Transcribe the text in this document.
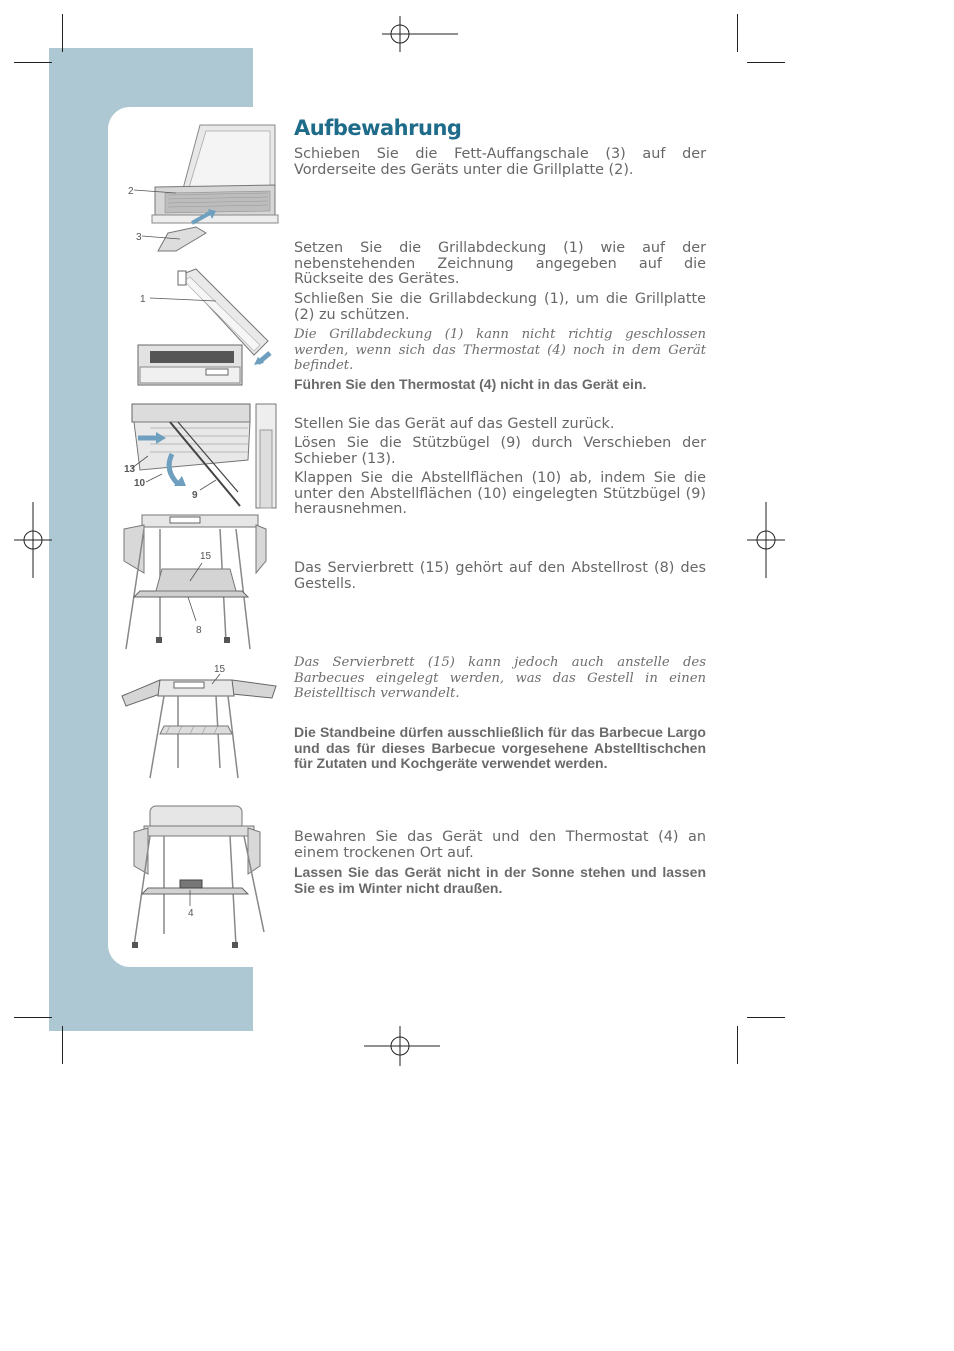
Aufbewahrung

Schieben Sie die Fett-Auffangschale (3) auf der Vorderseite des Geräts unter die Grillplatte (2).

Setzen Sie die Grillabdeckung (1) wie auf der nebenstehenden Zeichnung angegeben auf die Rückseite des Gerätes.

Schließen Sie die Grillabdeckung (1), um die Grillplatte (2) zu schützen.

Die Grillabdeckung (1) kann nicht richtig geschlossen werden, wenn sich das Thermostat (4) noch in dem Gerät befindet.

Führen Sie den Thermostat (4) nicht in das Gerät ein.

Stellen Sie das Gerät auf das Gestell zurück.

Lösen Sie die Stützbügel (9) durch Verschieben der Schieber (13).

Klappen Sie die Abstellflächen (10) ab, indem Sie die unter den Abstellflächen (10) eingelegten Stützbügel (9) herausnehmen.

Das Servierbrett (15) gehört auf den Abstellrost (8) des Gestells.

Das Servierbrett (15) kann jedoch auch anstelle des Barbecues eingelegt werden, was das Gestell in einen Beistelltisch verwandelt.

Die Standbeine dürfen ausschließlich für das Barbecue Largo und das für dieses Barbecue vorgesehene Abstelltischchen für Zutaten und Kochgeräte verwendet werden.

Bewahren Sie das Gerät und den Thermostat (4) an einem trockenen Ort auf.

Lassen Sie das Gerät nicht in der Sonne stehen und lassen Sie es im Winter nicht draußen.

2
3
1
13
10
9
15
8
15
4
